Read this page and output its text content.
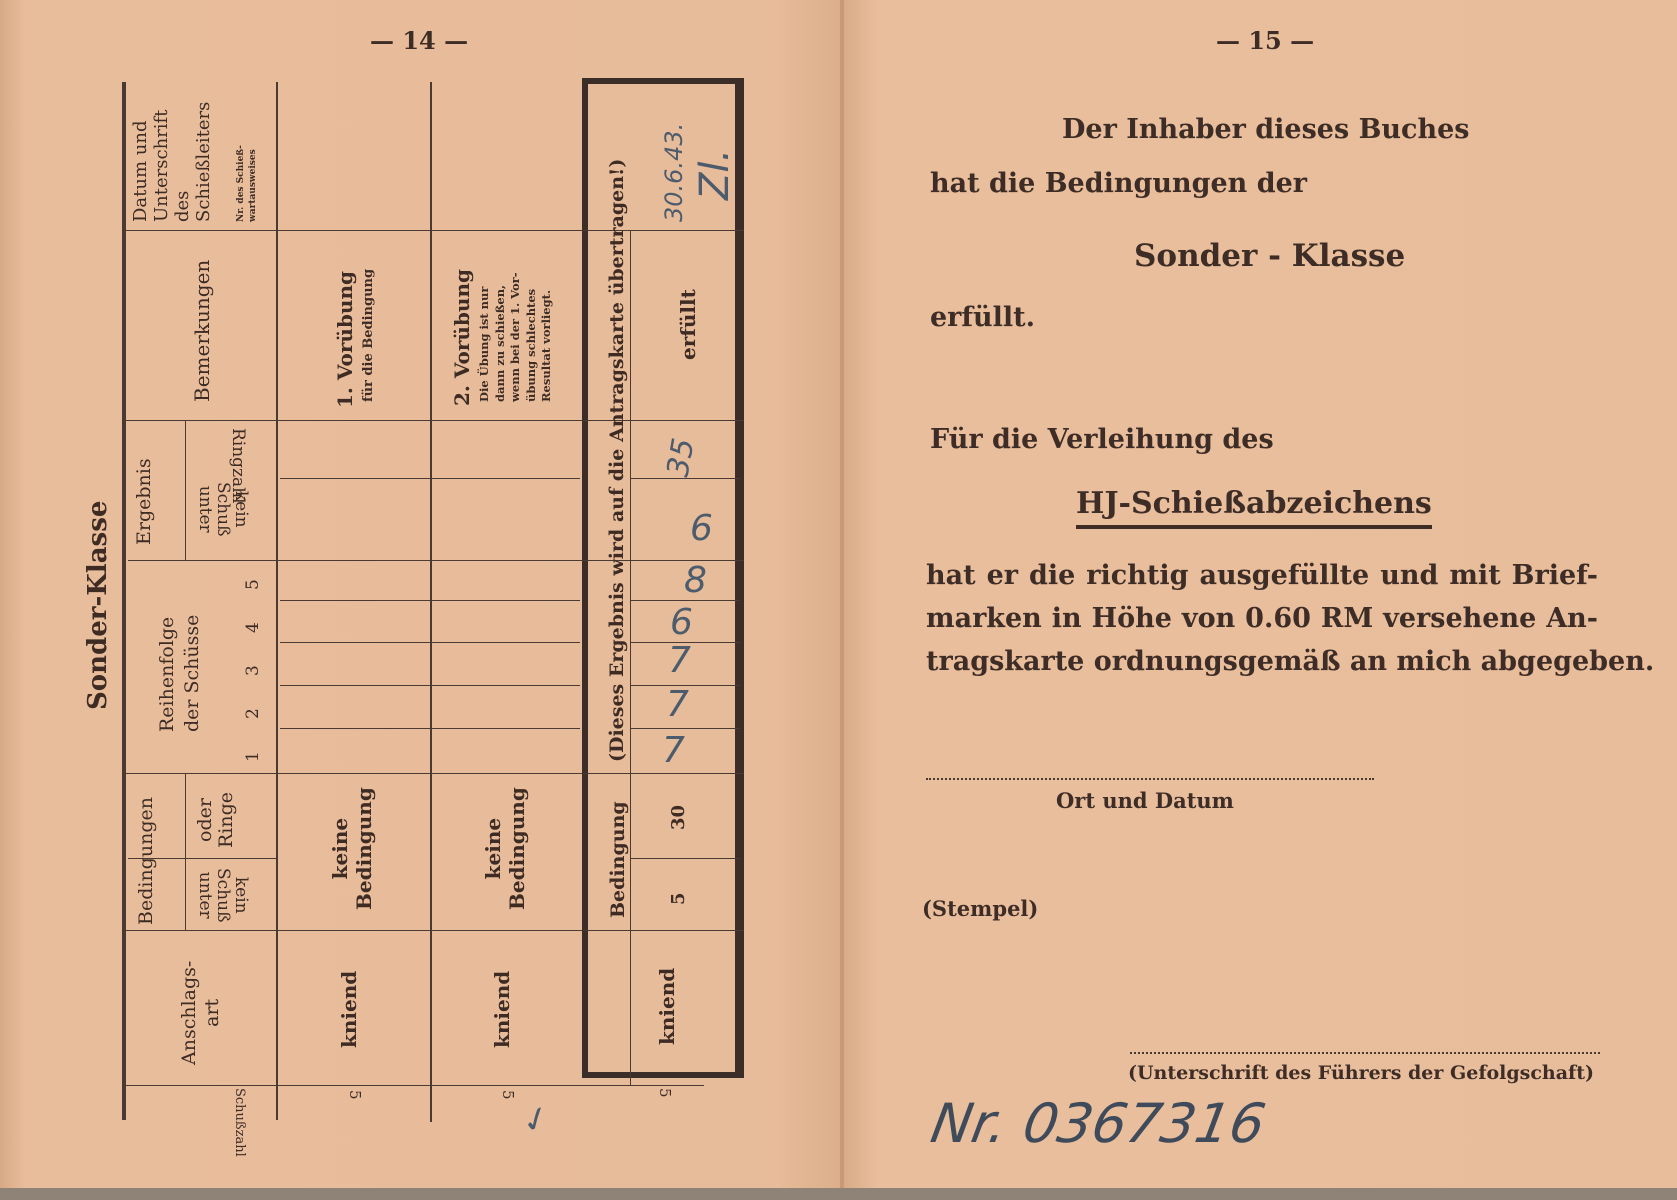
— 14 —
Sonder-Klasse
Schußzahl
Anschlags-
art
Bedingungen	kein
Schuß
unter
oder
Ringe
Reihenfolge
der Schüsse
1
2
3
4
5
Ergebnis	kein
Schuß
unter
Ringzahl
Bemerkungen
Datum und
Unterschrift
des
Schießleiters Nr. des Schieß-
wartausweises
5
kniend
keine
Bedingung
1. Vorübung für die Bedingung
5
✓
kniend
keine
Bedingung
2. Vorübung Die Übung ist nur
dann zu schießen,
wenn bei der 1. Vor-
übung schlechtes
Resultat vorliegt.
5
kniend
Bedingung 5
30
(Dieses Ergebnis wird auf die Antragskarte übertragen!) 7
7
7
6
8
6
35
erfüllt
30.6.43. Zl.
— 15 —
Der Inhaber dieses Buches
hat die Bedingungen der
Sonder - Klasse
erfüllt.
Für die Verleihung des
HJ-Schießabzeichens
hat er die richtig ausgefüllte und mit Brief-
marken in Höhe von 0.60 RM versehene An-
tragskarte ordnungsgemäß an mich abgegeben.
Ort und Datum
(Stempel)
(Unterschrift des Führers der Gefolgschaft)
Nr. 0367316
